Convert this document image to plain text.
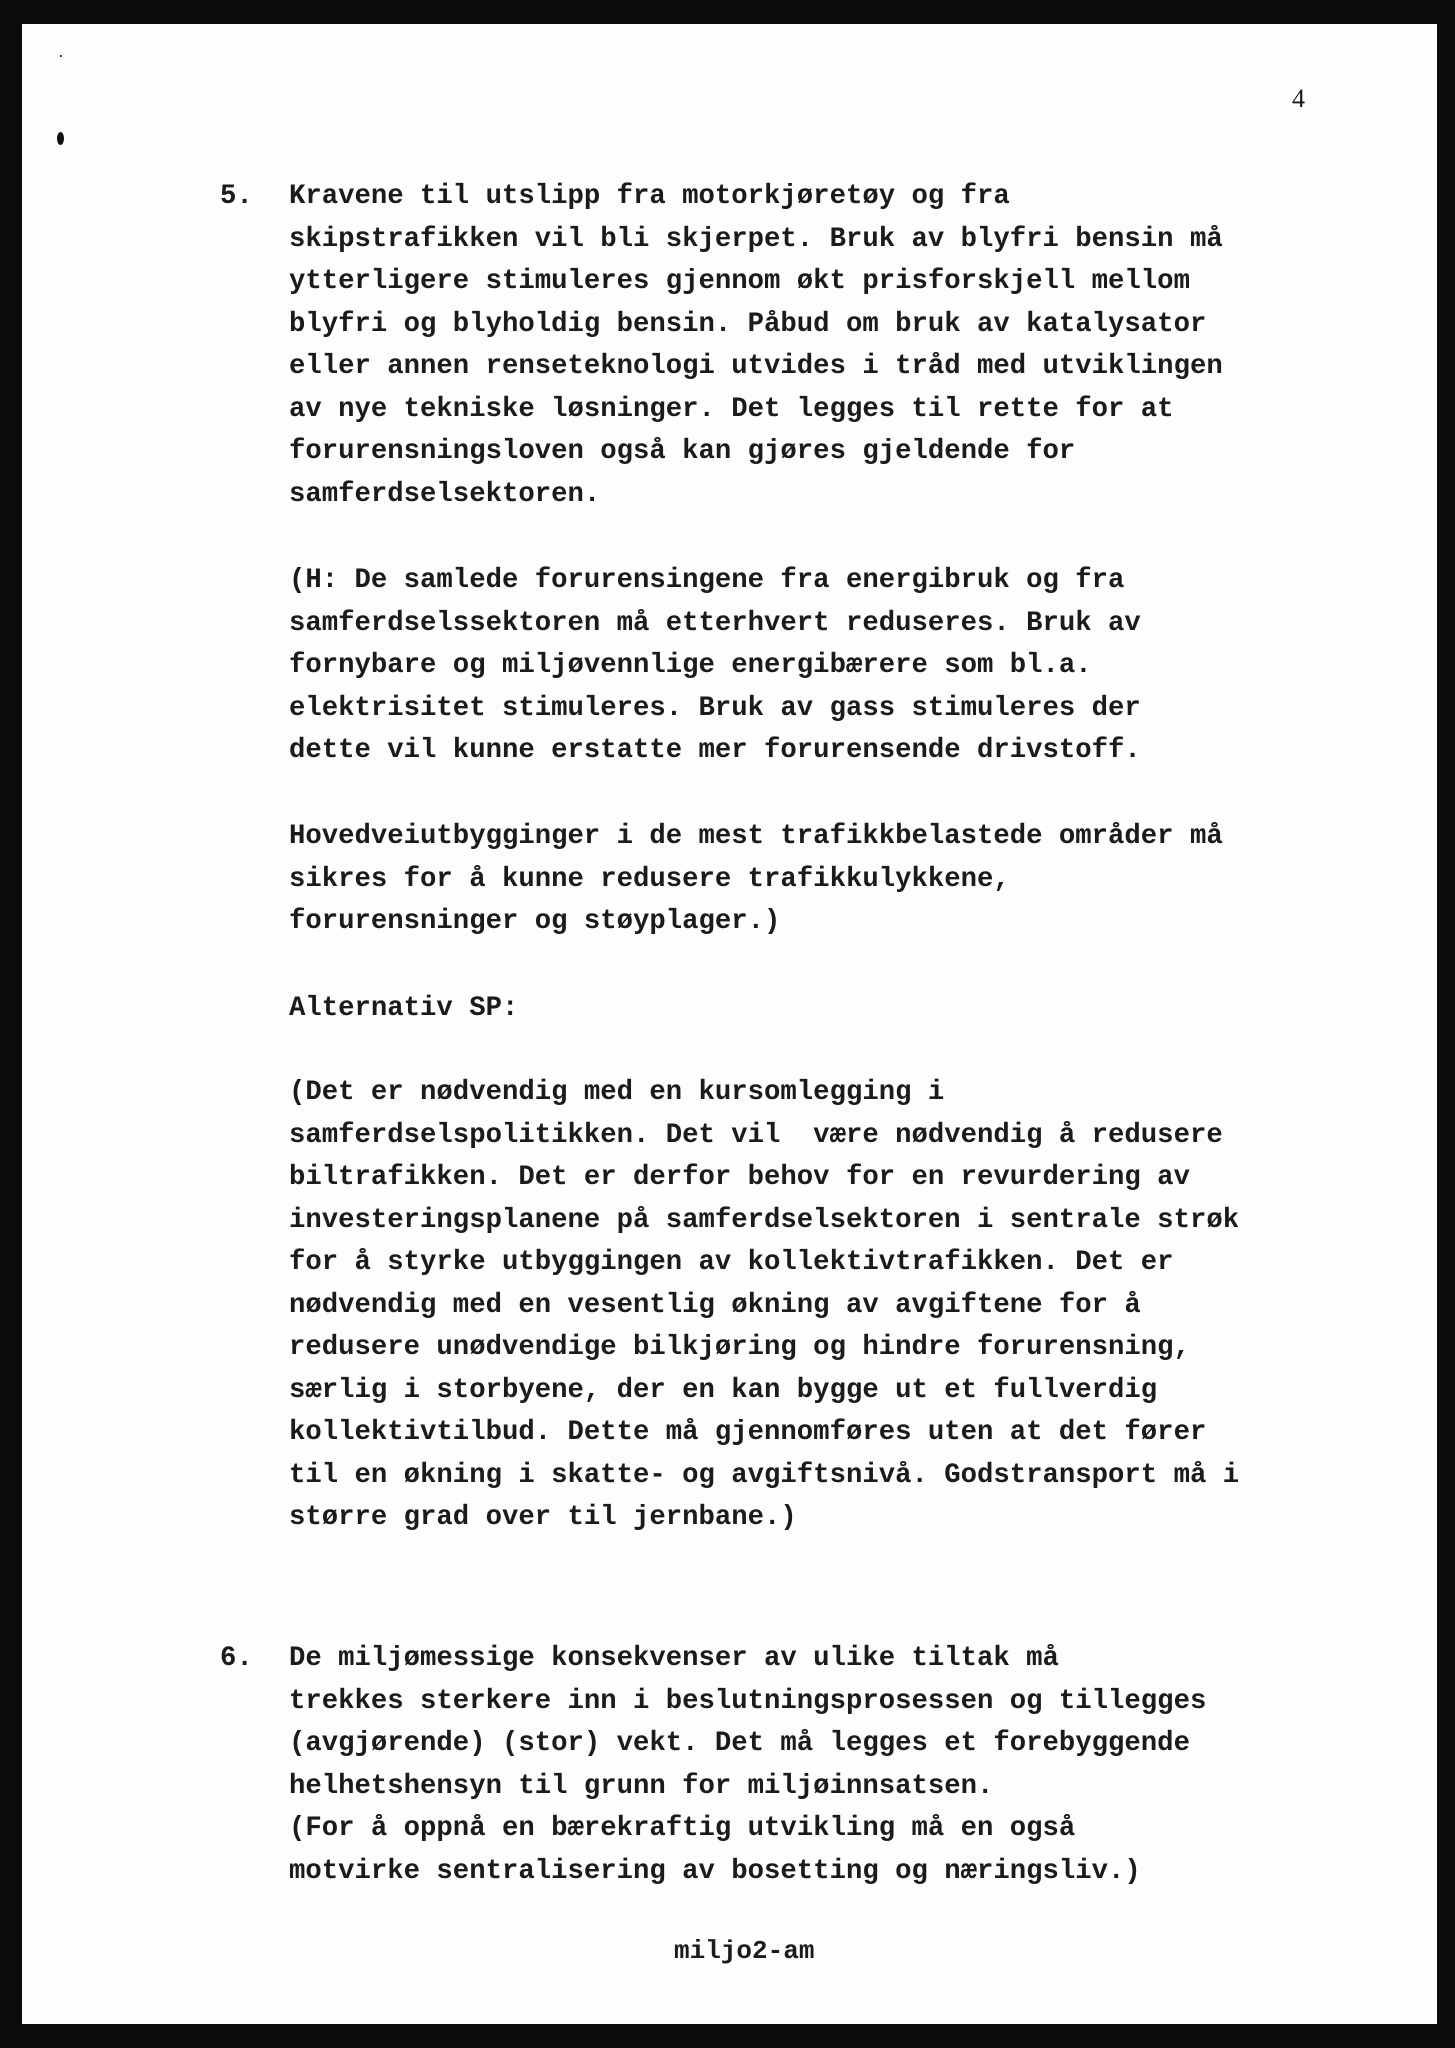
4
5. Kravene til utslipp fra motorkjøretøy og fra
skipstrafikken vil bli skjerpet. Bruk av blyfri bensin må
ytterligere stimuleres gjennom økt prisforskjell mellom
blyfri og blyholdig bensin. Påbud om bruk av katalysator
eller annen renseteknologi utvides i tråd med utviklingen
av nye tekniske løsninger. Det legges til rette for at
forurensningsloven også kan gjøres gjeldende for
samferdselsektoren.

(H: De samlede forurensingene fra energibruk og fra
samferdselssektoren må etterhvert reduseres. Bruk av
fornybare og miljøvennlige energibærere som bl.a.
elektrisitet stimuleres. Bruk av gass stimuleres der
dette vil kunne erstatte mer forurensende drivstoff.

Hovedveiutbygginger i de mest trafikkbelastede områder må
sikres for å kunne redusere trafikkulykkene,
forurensninger og støyplager.)

Alternativ SP:

(Det er nødvendig med en kursomlegging i
samferdselspolitikken. Det vil  være nødvendig å redusere
biltrafikken. Det er derfor behov for en revurdering av
investeringsplanene på samferdselsektoren i sentrale strøk
for å styrke utbyggingen av kollektivtrafikken. Det er
nødvendig med en vesentlig økning av avgiftene for å
redusere unødvendige bilkjøring og hindre forurensning,
særlig i storbyene, der en kan bygge ut et fullverdig
kollektivtilbud. Dette må gjennomføres uten at det fører
til en økning i skatte- og avgiftsnivå. Godstransport må i
større grad over til jernbane.)

6. De miljømessige konsekvenser av ulike tiltak må
trekkes sterkere inn i beslutningsprosessen og tillegges
(avgjørende) (stor) vekt. Det må legges et forebyggende
helhetshensyn til grunn for miljøinnsatsen.
(For å oppnå en bærekraftig utvikling må en også
motvirke sentralisering av bosetting og næringsliv.)

miljo2-am
